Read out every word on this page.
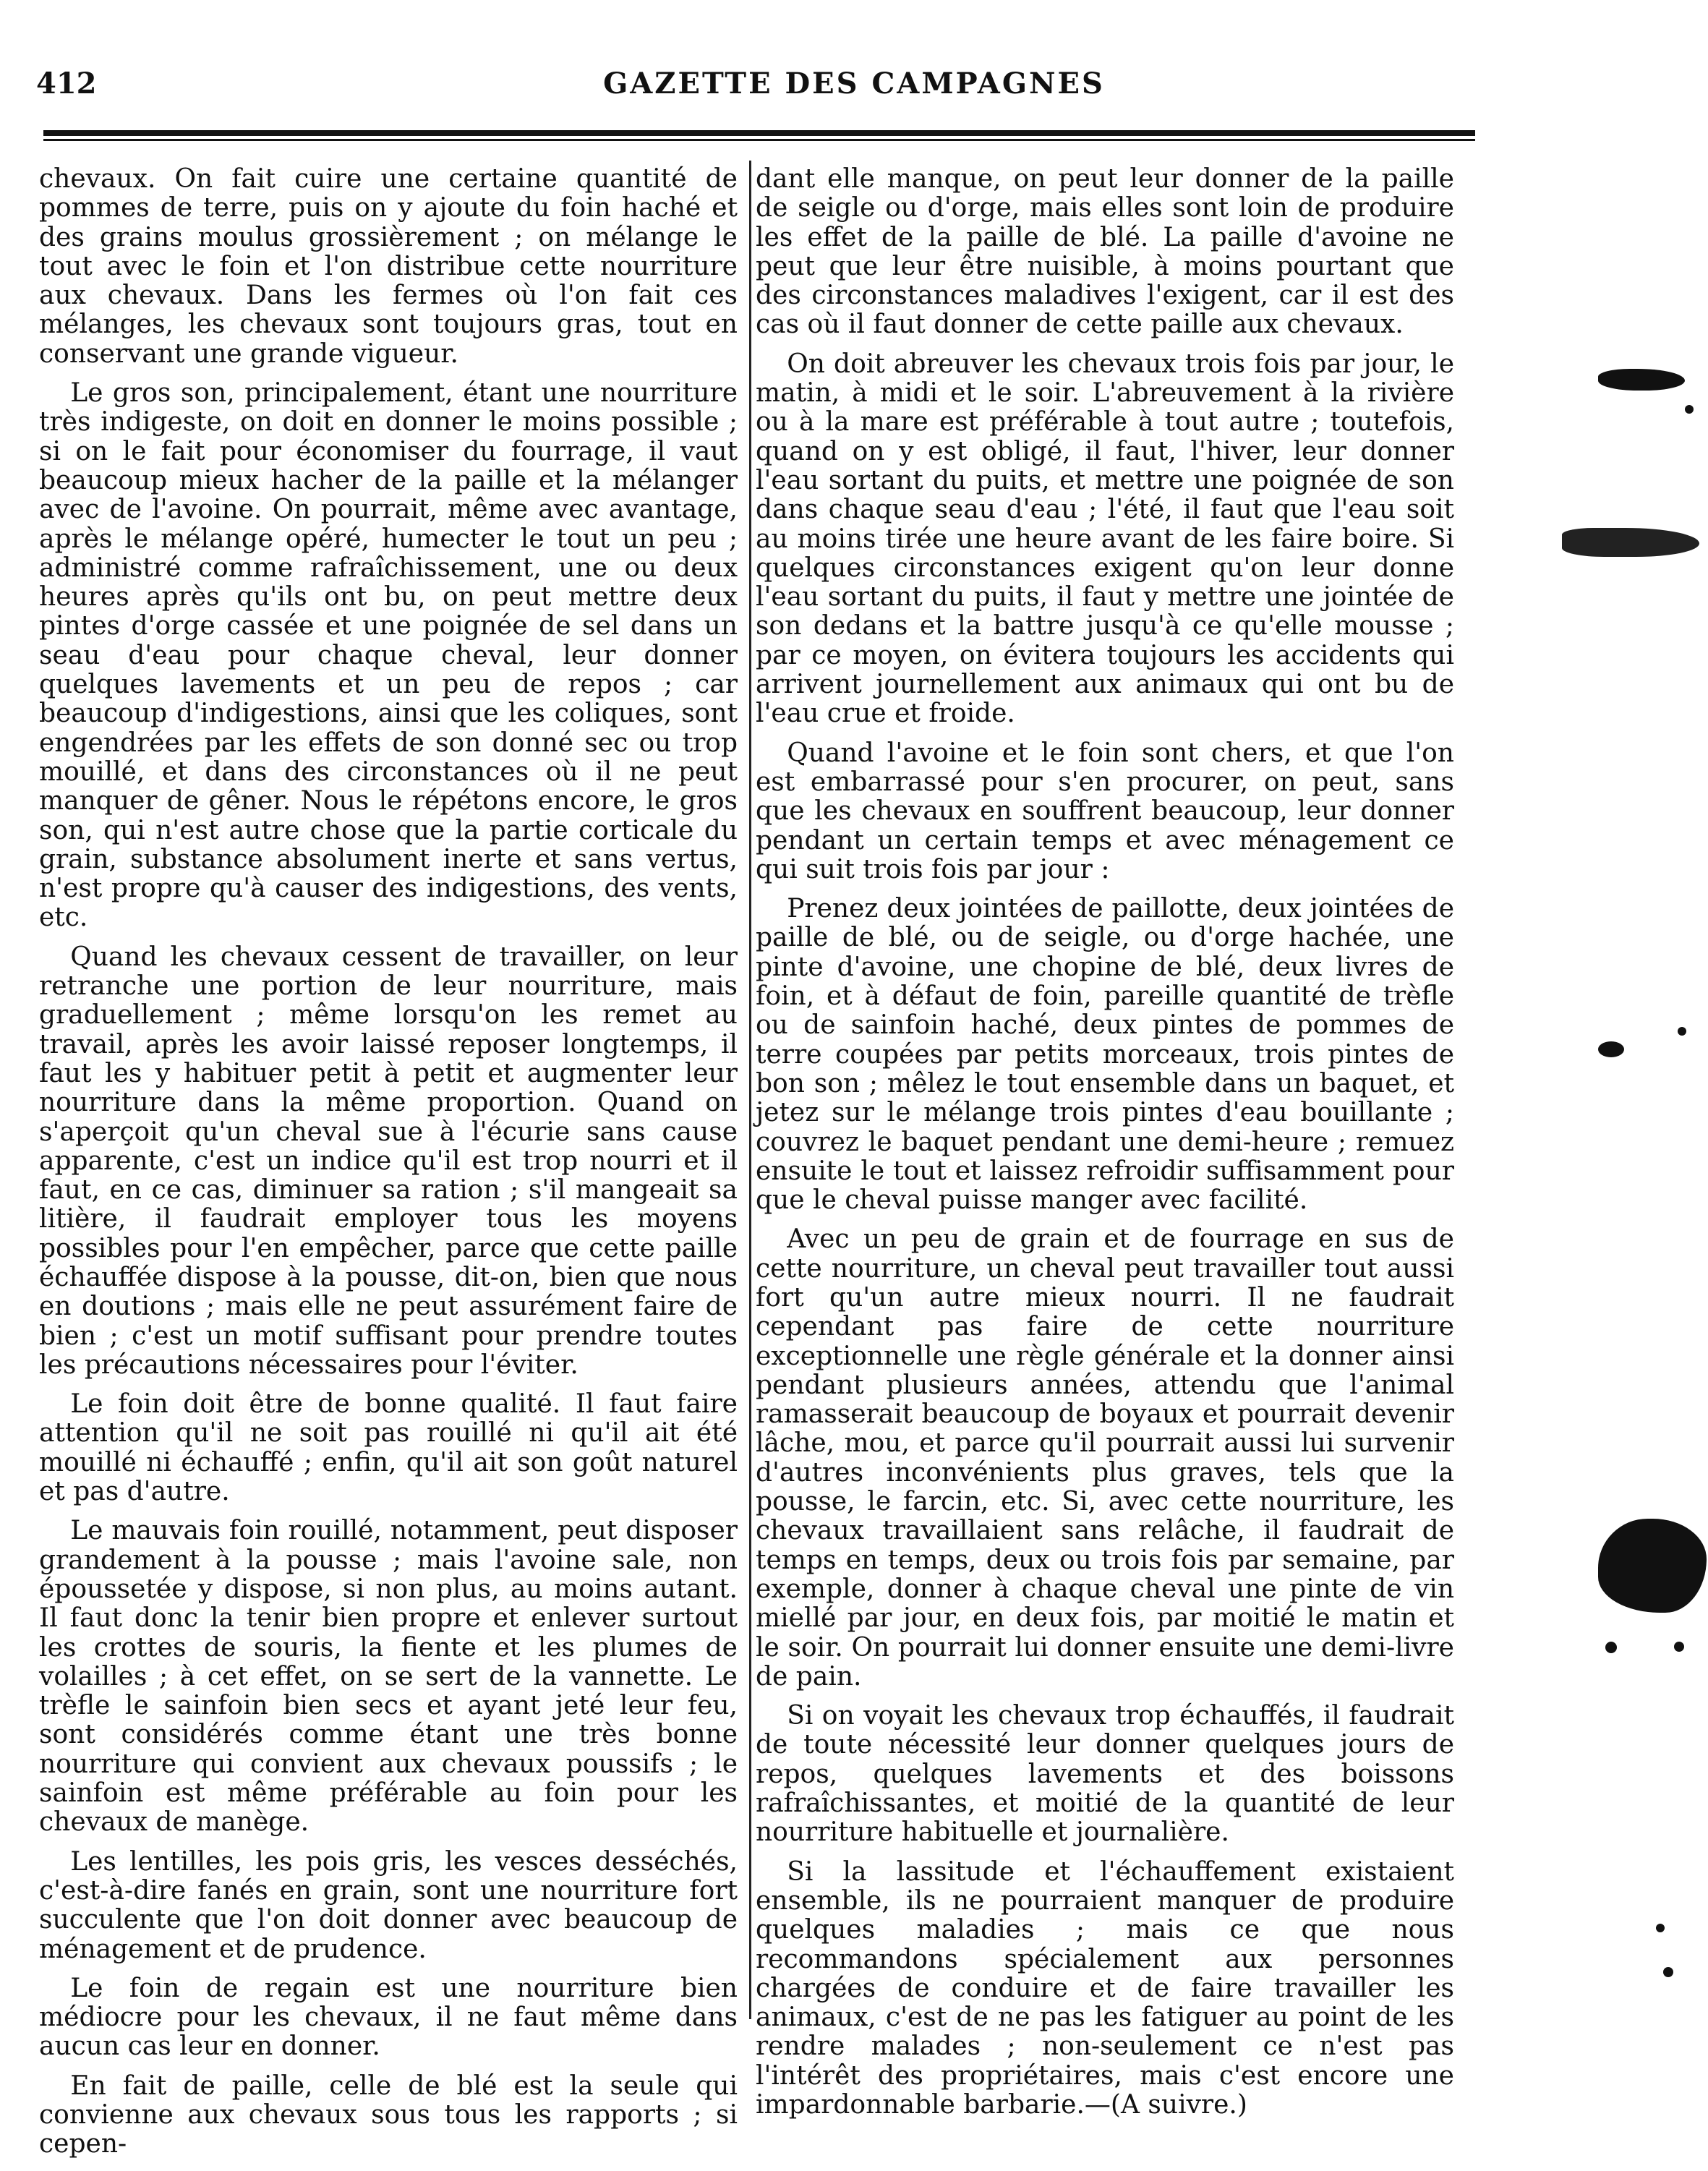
412	GAZETTE DES CAMPAGNES

chevaux. On fait cuire une certaine quantité de pommes de terre, puis on y ajoute du foin haché et des grains moulus grossièrement ; on mélange le tout avec le foin et l'on distribue cette nourriture aux chevaux. Dans les fermes où l'on fait ces mélanges, les chevaux sont toujours gras, tout en conservant une grande vigueur.

Le gros son, principalement, étant une nourriture très indigeste, on doit en donner le moins possible ; si on le fait pour économiser du fourrage, il vaut beaucoup mieux hacher de la paille et la mélanger avec de l'avoine. On pourrait, même avec avantage, après le mélange opéré, humecter le tout un peu ; administré comme rafraîchissement, une ou deux heures après qu'ils ont bu, on peut mettre deux pintes d'orge cassée et une poignée de sel dans un seau d'eau pour chaque cheval, leur donner quelques lavements et un peu de repos ; car beaucoup d'indigestions, ainsi que les coliques, sont engendrées par les effets de son donné sec ou trop mouillé, et dans des circonstances où il ne peut manquer de gêner. Nous le répétons encore, le gros son, qui n'est autre chose que la partie corticale du grain, substance absolument inerte et sans vertus, n'est propre qu'à causer des indigestions, des vents, etc.

Quand les chevaux cessent de travailler, on leur retranche une portion de leur nourriture, mais graduellement ; même lorsqu'on les remet au travail, après les avoir laissé reposer longtemps, il faut les y habituer petit à petit et augmenter leur nourriture dans la même proportion. Quand on s'aperçoit qu'un cheval sue à l'écurie sans cause apparente, c'est un indice qu'il est trop nourri et il faut, en ce cas, diminuer sa ration ; s'il mangeait sa litière, il faudrait employer tous les moyens possibles pour l'en empêcher, parce que cette paille échauffée dispose à la pousse, dit-on, bien que nous en doutions ; mais elle ne peut assurément faire de bien ; c'est un motif suffisant pour prendre toutes les précautions nécessaires pour l'éviter.

Le foin doit être de bonne qualité. Il faut faire attention qu'il ne soit pas rouillé ni qu'il ait été mouillé ni échauffé ; enfin, qu'il ait son goût naturel et pas d'autre.

Le mauvais foin rouillé, notamment, peut disposer grandement à la pousse ; mais l'avoine sale, non époussetée y dispose, si non plus, au moins autant. Il faut donc la tenir bien propre et enlever surtout les crottes de souris, la fiente et les plumes de volailles ; à cet effet, on se sert de la vannette. Le trèfle le sainfoin bien secs et ayant jeté leur feu, sont considérés comme étant une très bonne nourriture qui convient aux chevaux poussifs ; le sainfoin est même préférable au foin pour les chevaux de manège.

Les lentilles, les pois gris, les vesces desséchés, c'est-à-dire fanés en grain, sont une nourriture fort succulente que l'on doit donner avec beaucoup de ménagement et de prudence.

Le foin de regain est une nourriture bien médiocre pour les chevaux, il ne faut même dans aucun cas leur en donner.

En fait de paille, celle de blé est la seule qui convienne aux chevaux sous tous les rapports ; si cepen-

dant elle manque, on peut leur donner de la paille de seigle ou d'orge, mais elles sont loin de produire les effet de la paille de blé. La paille d'avoine ne peut que leur être nuisible, à moins pourtant que des circonstances maladives l'exigent, car il est des cas où il faut donner de cette paille aux chevaux.

On doit abreuver les chevaux trois fois par jour, le matin, à midi et le soir. L'abreuvement à la rivière ou à la mare est préférable à tout autre ; toutefois, quand on y est obligé, il faut, l'hiver, leur donner l'eau sortant du puits, et mettre une poignée de son dans chaque seau d'eau ; l'été, il faut que l'eau soit au moins tirée une heure avant de les faire boire. Si quelques circonstances exigent qu'on leur donne l'eau sortant du puits, il faut y mettre une jointée de son dedans et la battre jusqu'à ce qu'elle mousse ; par ce moyen, on évitera toujours les accidents qui arrivent journellement aux animaux qui ont bu de l'eau crue et froide.

Quand l'avoine et le foin sont chers, et que l'on est embarrassé pour s'en procurer, on peut, sans que les chevaux en souffrent beaucoup, leur donner pendant un certain temps et avec ménagement ce qui suit trois fois par jour :

Prenez deux jointées de paillotte, deux jointées de paille de blé, ou de seigle, ou d'orge hachée, une pinte d'avoine, une chopine de blé, deux livres de foin, et à défaut de foin, pareille quantité de trèfle ou de sainfoin haché, deux pintes de pommes de terre coupées par petits morceaux, trois pintes de bon son ; mêlez le tout ensemble dans un baquet, et jetez sur le mélange trois pintes d'eau bouillante ; couvrez le baquet pendant une demi-heure ; remuez ensuite le tout et laissez refroidir suffisamment pour que le cheval puisse manger avec facilité.

Avec un peu de grain et de fourrage en sus de cette nourriture, un cheval peut travailler tout aussi fort qu'un autre mieux nourri. Il ne faudrait cependant pas faire de cette nourriture exceptionnelle une règle générale et la donner ainsi pendant plusieurs années, attendu que l'animal ramasserait beaucoup de boyaux et pourrait devenir lâche, mou, et parce qu'il pourrait aussi lui survenir d'autres inconvénients plus graves, tels que la pousse, le farcin, etc. Si, avec cette nourriture, les chevaux travaillaient sans relâche, il faudrait de temps en temps, deux ou trois fois par semaine, par exemple, donner à chaque cheval une pinte de vin miellé par jour, en deux fois, par moitié le matin et le soir. On pourrait lui donner ensuite une demi-livre de pain.

Si on voyait les chevaux trop échauffés, il faudrait de toute nécessité leur donner quelques jours de repos, quelques lavements et des boissons rafraîchissantes, et moitié de la quantité de leur nourriture habituelle et journalière.

Si la lassitude et l'échauffement existaient ensemble, ils ne pourraient manquer de produire quelques maladies ; mais ce que nous recommandons spécialement aux personnes chargées de conduire et de faire travailler les animaux, c'est de ne pas les fatiguer au point de les rendre malades ; non-seulement ce n'est pas l'intérêt des propriétaires, mais c'est encore une impardonnable barbarie.—(A suivre.)
